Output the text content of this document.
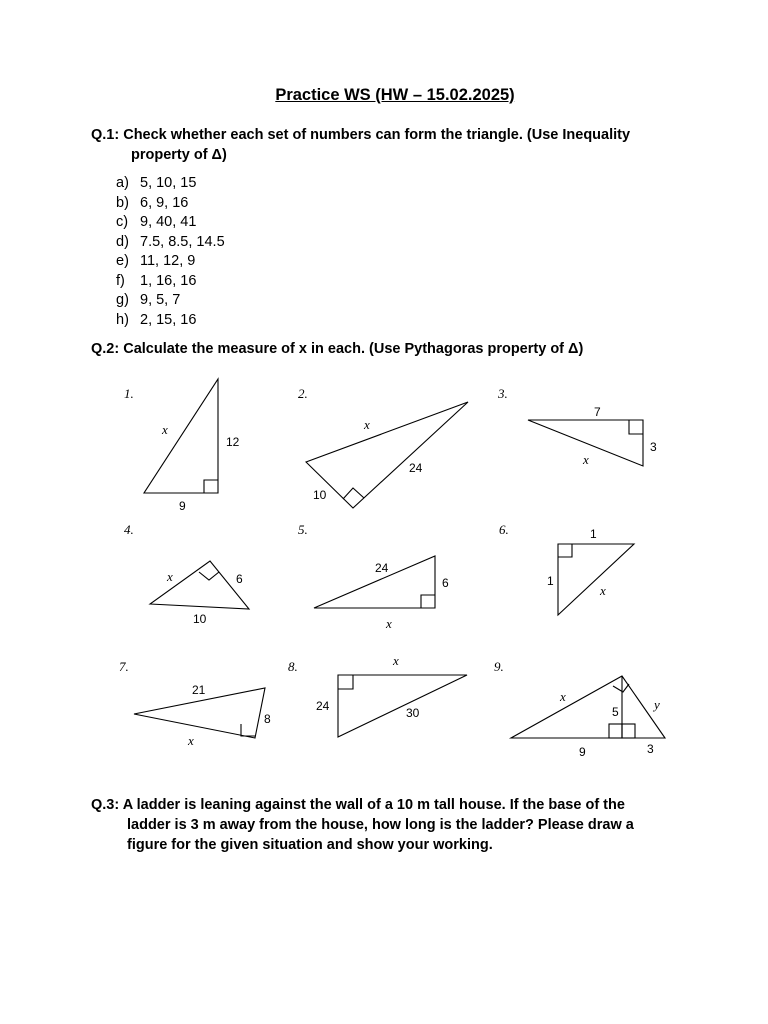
Practice WS (HW – 15.02.2025)
Q.1: Check whether each set of numbers can form the triangle. (Use Inequality
property of Δ)
a) 5, 10, 15
b) 6, 9, 16
c) 9, 40, 41
d) 7.5, 8.5, 14.5
e) 11, 12, 9
f) 1, 16, 16
g) 9, 5, 7
h) 2, 15, 16
Q.2: Calculate the measure of x in each. (Use Pythagoras property of Δ)
1.	2.	3.
4.	5.	6.
7.	8.	9.
x
12
9
x
24
10
7
3
x
x	6
10
24
6
x
1
1
x
21
8
x
x
24	30
x
5	y
9	3
Q.3: A ladder is leaning against the wall of a 10 m tall house. If the base of the
ladder is 3 m away from the house, how long is the ladder? Please draw a
figure for the given situation and show your working.
